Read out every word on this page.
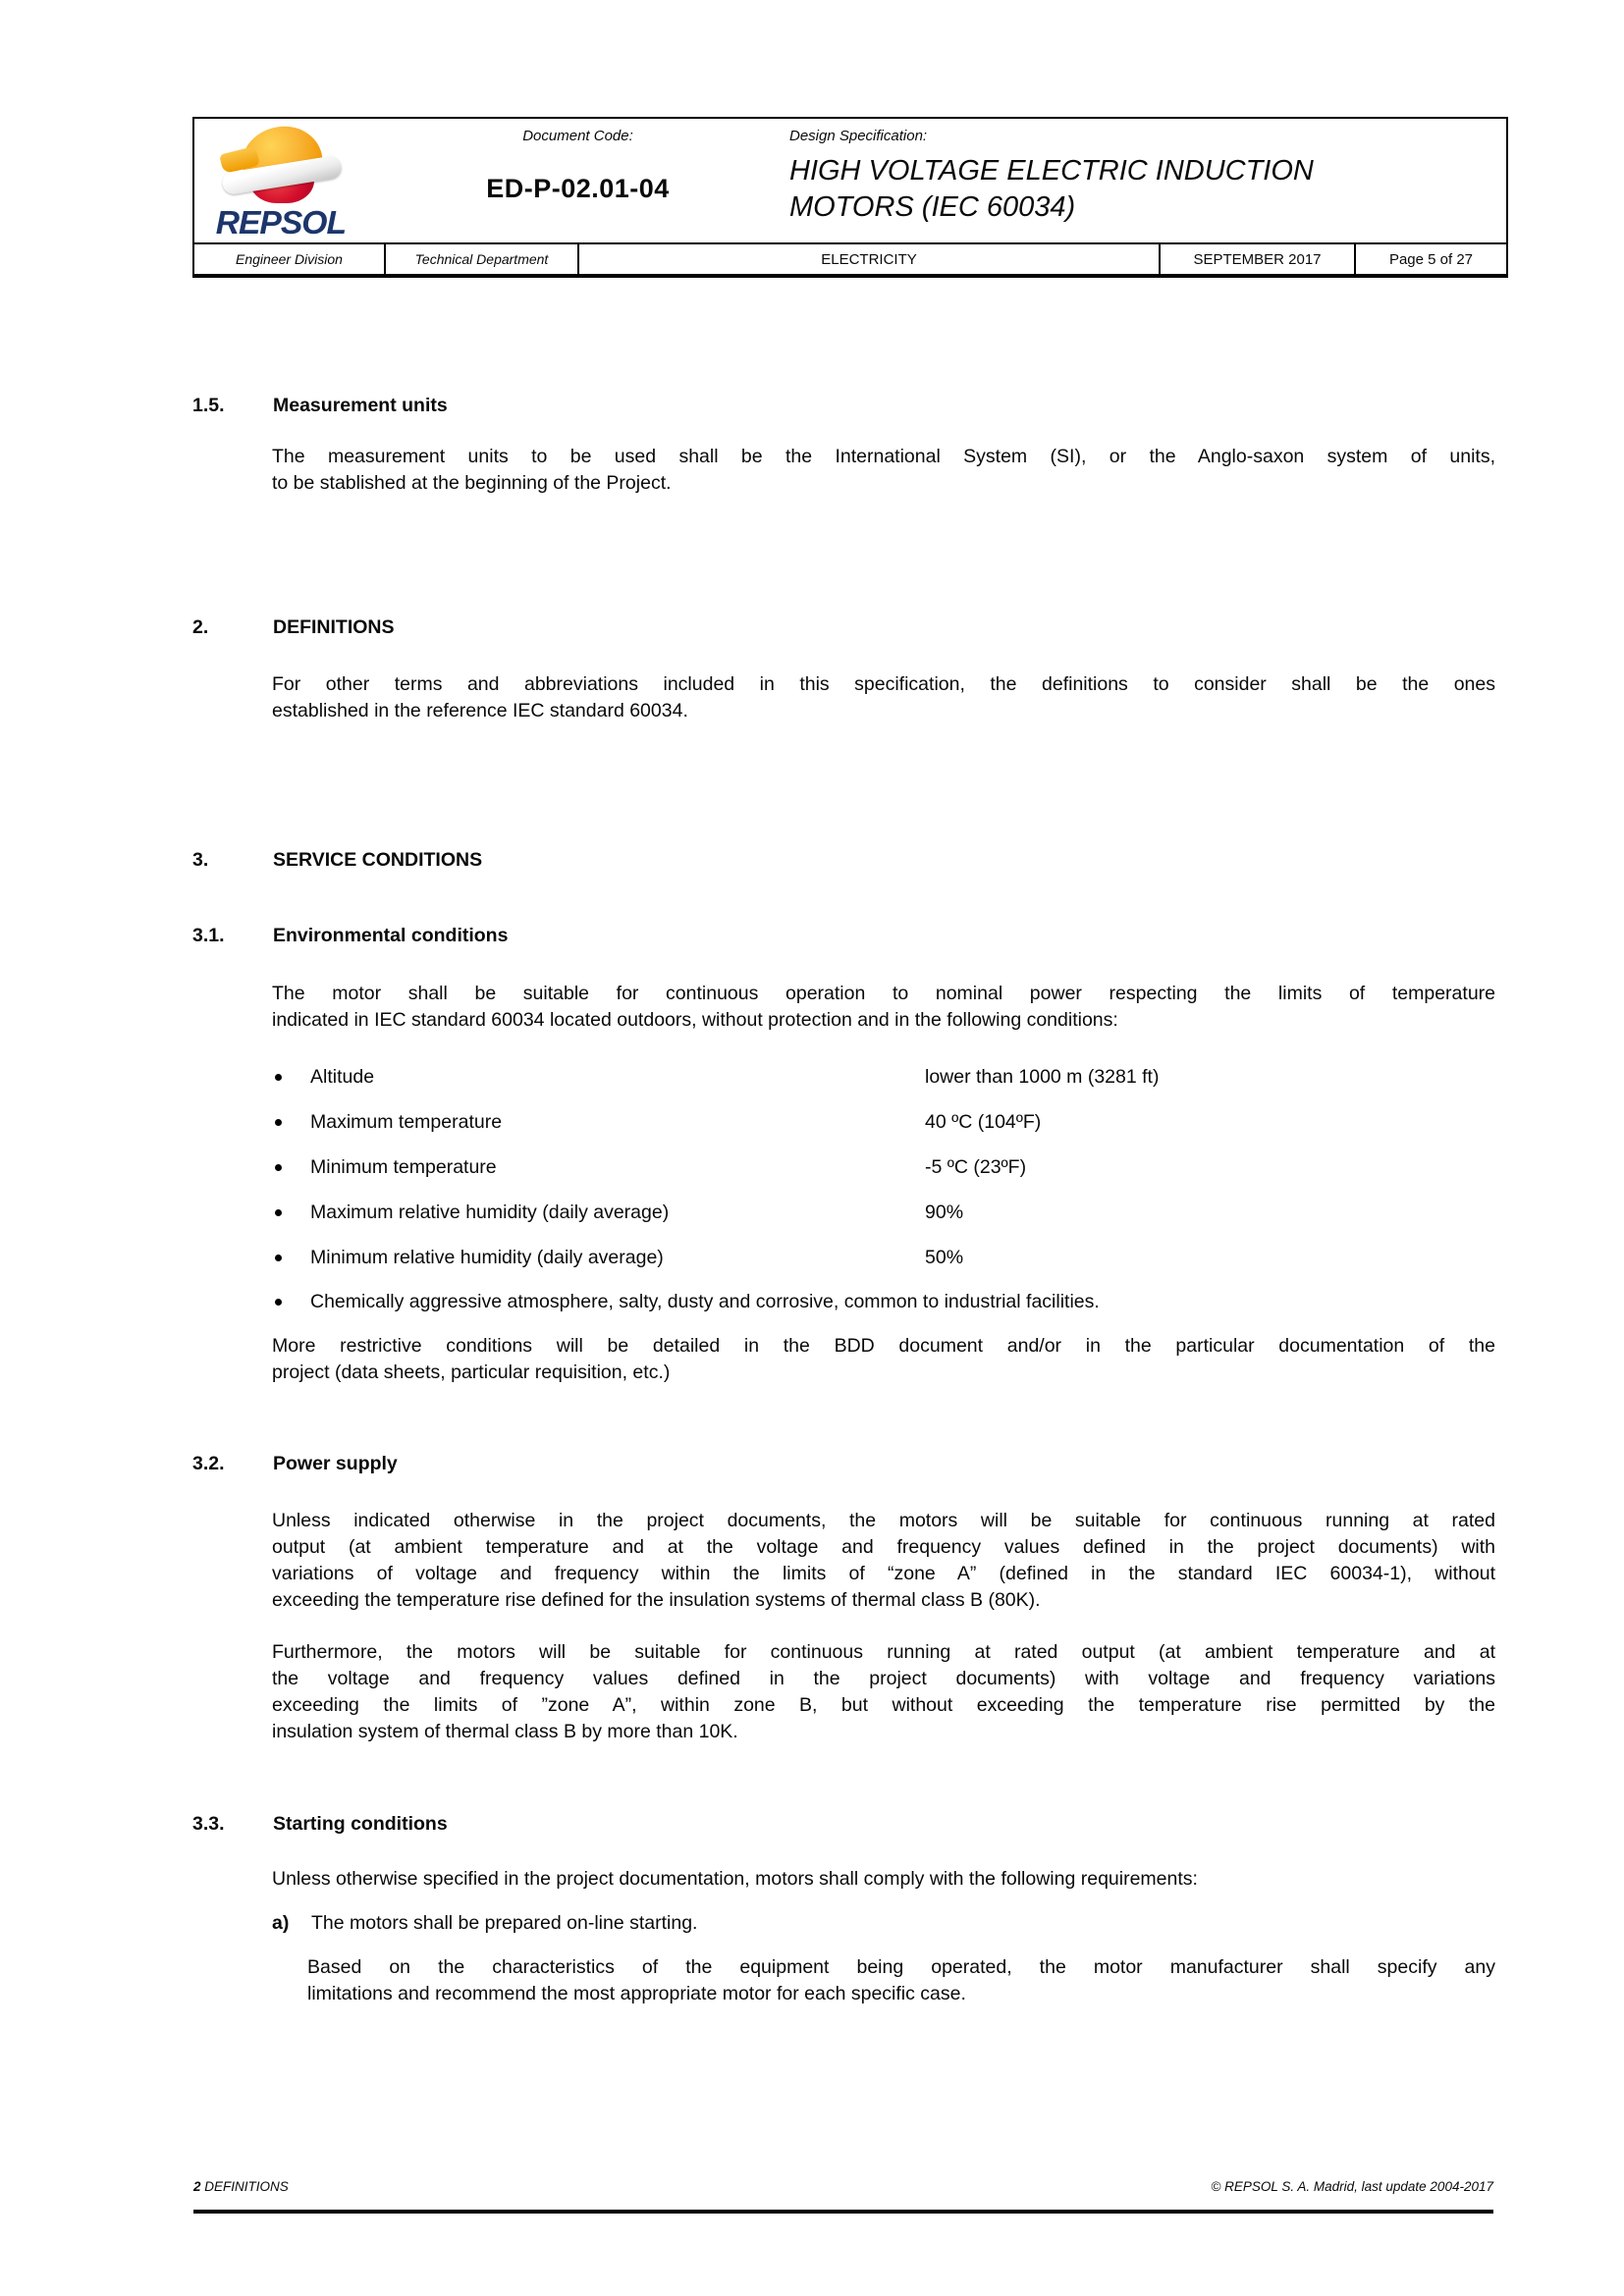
REPSOL
Document Code:
ED-P-02.01-04
Design Specification:
HIGH VOLTAGE ELECTRIC INDUCTION
MOTORS (IEC 60034)
Engineer Division	Technical Department	ELECTRICITY	SEPTEMBER 2017	Page 5 of 27
1.5.	Measurement units
The measurement units to be used shall be the International System (SI), or the Anglo-saxon system of units,
to be stablished at the beginning of the Project.
2.	DEFINITIONS
For other terms and abbreviations included in this specification, the definitions to consider shall be the ones
established in the reference IEC standard 60034.
3.	SERVICE CONDITIONS
3.1.	Environmental conditions
The motor shall be suitable for continuous operation to nominal power respecting the limits of temperature
indicated in IEC standard 60034 located outdoors, without protection and in the following conditions:
Altitude	lower than 1000 m (3281 ft)
Maximum temperature	40 ºC (104ºF)
Minimum temperature	-5 ºC (23ºF)
Maximum relative humidity (daily average)	90%
Minimum relative humidity (daily average)	50%
Chemically aggressive atmosphere, salty, dusty and corrosive, common to industrial facilities.
More restrictive conditions will be detailed in the BDD document and/or in the particular documentation of the
project (data sheets, particular requisition, etc.)
3.2.	Power supply
Unless indicated otherwise in the project documents, the motors will be suitable for continuous running at rated
output (at ambient temperature and at the voltage and frequency values defined in the project documents) with
variations of voltage and frequency within the limits of “zone A” (defined in the standard IEC 60034-1), without
exceeding the temperature rise defined for the insulation systems of thermal class B (80K).
Furthermore, the motors will be suitable for continuous running at rated output (at ambient temperature and at
the voltage and frequency values defined in the project documents) with voltage and frequency variations
exceeding the limits of ”zone A”, within zone B, but without exceeding the temperature rise permitted by the
insulation system of thermal class B by more than 10K.
3.3.	Starting conditions
Unless otherwise specified in the project documentation, motors shall comply with the following requirements:
a) The motors shall be prepared on-line starting.
Based on the characteristics of the equipment being operated, the motor manufacturer shall specify any
limitations and recommend the most appropriate motor for each specific case.
2 DEFINITIONS	© REPSOL S. A. Madrid, last update 2004-2017
